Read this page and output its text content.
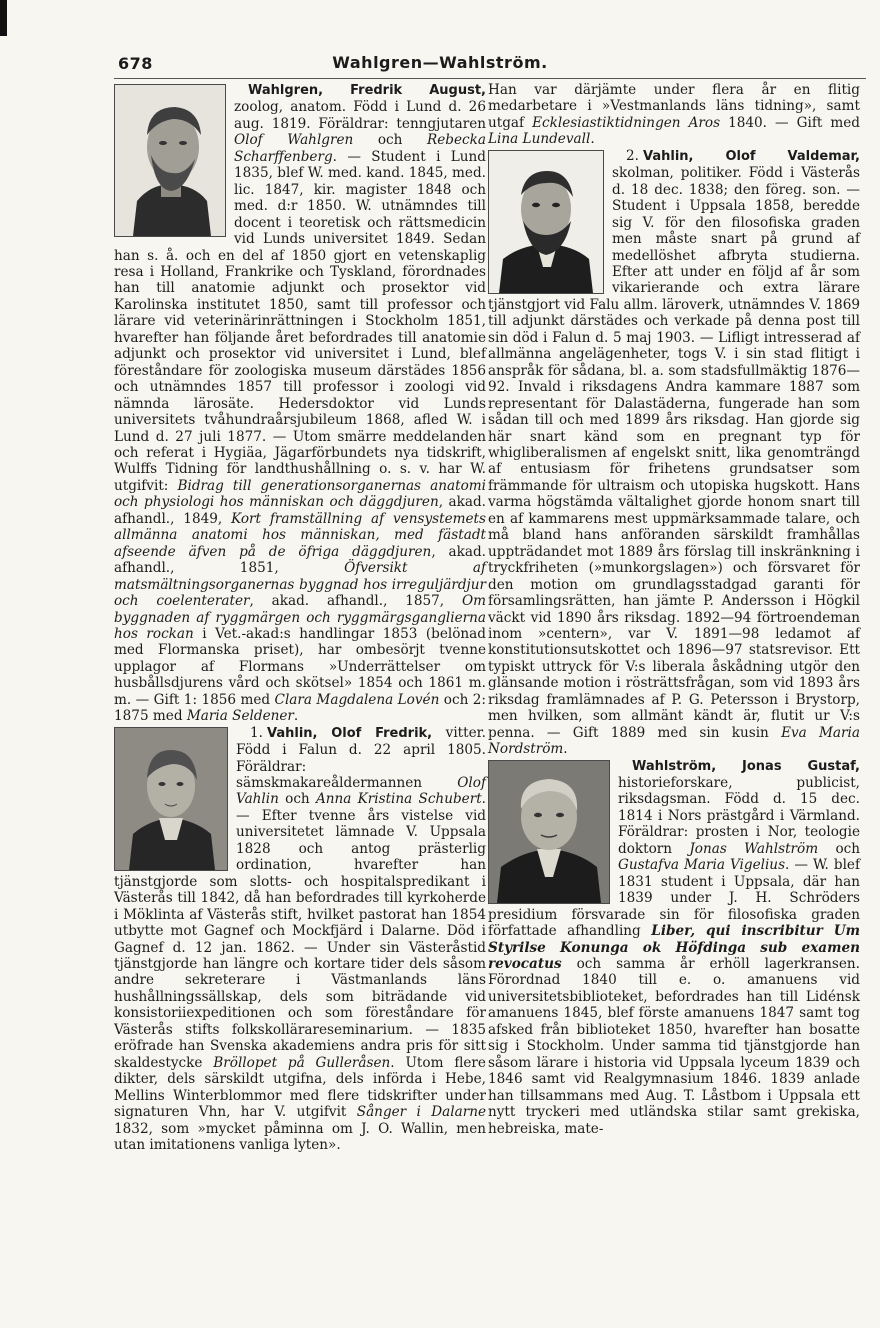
678	Wahlgren—Wahlström.

Wahlgren, Fredrik August, zoolog, anatom. Född i Lund d. 26 aug. 1819. Föräldrar: tenngjutaren Olof Wahlgren och Rebecka Scharffenberg. — Student i Lund 1835, blef W. med. kand. 1845, med. lic. 1847, kir. magister 1848 och med. d:r 1850. W. utnämndes till docent i teoretisk och rättsmedicin vid Lunds universitet 1849. Sedan han s. å. och en del af 1850 gjort en vetenskaplig resa i Holland, Frankrike och Tyskland, förordnades han till anatomie adjunkt och prosektor vid Karolinska institutet 1850, samt till professor och lärare vid veterinärinrättningen i Stockholm 1851, hvarefter han följande året befordrades till anatomie adjunkt och prosektor vid universitet i Lund, blef föreståndare för zoologiska museum därstädes 1856 och utnämndes 1857 till professor i zoologi vid nämnda lärosäte. Hedersdoktor vid Lunds universitets tvåhundraårsjubileum 1868, afled W. i Lund d. 27 juli 1877. — Utom smärre meddelanden och referat i Hygiäa, Jägarförbundets nya tidskrift, Wulffs Tidning för landthushållning o. s. v. har W. utgifvit: Bidrag till generationsorganernas anatomi och physiologi hos människan och däggdjuren, akad. afhandl., 1849, Kort framställning af vensystemets allmänna anatomi hos människan, med fästadt afseende äfven på de öfriga däggdjuren, akad. afhandl., 1851, Öfversikt af matsmältningsorganernas byggnad hos irreguljärdjur och coelenterater, akad. afhandl., 1857, Om byggnaden af ryggmärgen och ryggmärgsganglierna hos rockan i Vet.-akad:s handlingar 1853 (belönad med Flormanska priset), har ombesörjt tvenne upplagor af Flormans »Underrättelser om husbållsdjurens vård och skötsel» 1854 och 1861 m. m. — Gift 1: 1856 med Clara Magdalena Lovén och 2: 1875 med Maria Seldener.

1. Vahlin, Olof Fredrik,
vitter. Född i Falun d. 22 april 1805. Föräldrar: sämskmakareåldermannen Olof Vahlin och Anna Kristina Schubert. — Efter tvenne års vistelse vid universitetet lämnade V. Uppsala 1828 och antog prästerlig ordination, hvarefter han tjänstgjorde som slotts- och hospitalspredikant i Västerås till 1842, då han befordrades till kyrkoherde i Möklinta af Västerås stift, hvilket pastorat han 1854 utbytte mot Gagnef och Mockfjärd i Dalarne. Död i Gagnef d. 12 jan. 1862. — Under sin Västeråstid tjänstgjorde han längre och kortare tider dels såsom andre sekreterare i Västmanlands läns hushållningssällskap, dels som biträdande vid konsistoriiexpeditionen och som föreståndare för Västerås stifts folkskollärareseminarium. — 1835 eröfrade han Svenska akademiens andra pris för sitt skaldestycke Bröllopet på Gulleråsen. Utom flere dikter, dels särskildt utgifna, dels införda i Hebe, Mellins Winterblommor med flere tidskrifter under signaturen Vhn, har V. utgifvit Sånger i Dalarne 1832, som »mycket påminna om J. O. Wallin, men utan imitationens vanliga lyten».

Han var därjämte under flera år en flitig medarbetare i »Vestmanlands läns tidning», samt utgaf Ecklesiastiktidningen Aros 1840. — Gift med Lina Lundevall.

2. Vahlin, Olof Valdemar,
skolman, politiker. Född i Västerås d. 18 dec. 1838; den föreg. son. — Student i Uppsala 1858, beredde sig V. för den filosofiska graden men måste snart på grund af medellöshet afbryta studierna. Efter att under en följd af år som vikarierande och extra lärare tjänstgjort vid Falu allm. läroverk, utnämndes V. 1869 till adjunkt därstädes och verkade på denna post till sin död i Falun d. 5 maj 1903. — Lifligt intresserad af allmänna angelägenheter, togs V. i sin stad flitigt i anspråk för sådana, bl. a. som stadsfullmäktig 1876—92. Invald i riksdagens Andra kammare 1887 som representant för Dalastäderna, fungerade han som sådan till och med 1899 års riksdag. Han gjorde sig här snart känd som en pregnant typ för whigliberalismen af engelskt snitt, lika genomträngd af entusiasm för frihetens grundsatser som främmande för ultraism och utopiska hugskott. Hans varma högstämda vältalighet gjorde honom snart till en af kammarens mest uppmärksammade talare, och må bland hans anföranden särskildt framhållas uppträdandet mot 1889 års förslag till inskränkning i tryckfriheten (»munkorgslagen») och försvaret för den motion om grundlagsstadgad garanti för församlingsrätten, han jämte P. Andersson i Högkil väckt vid 1890 års riksdag. 1892—94 förtroendeman inom »centern», var V. 1891—98 ledamot af konstitutionsutskottet och 1896—97 statsrevisor. Ett typiskt uttryck för V:s liberala åskådning utgör den glänsande motion i rösträttsfrågan, som vid 1893 års riksdag framlämnades af P. G. Petersson i Brystorp, men hvilken, som allmänt kändt är, flutit ur V:s penna. — Gift 1889 med sin kusin Eva Maria Nordström.

Wahlström, Jonas Gustaf,
historieforskare, publicist, riksdagsman. Född d. 15 dec. 1814 i Nors prästgård i Värmland. Föräldrar: prosten i Nor, teologie doktorn Jonas Wahlström och Gustafva Maria Vigelius. — W. blef 1831 student i Uppsala, där han 1839 under J. H. Schröders presidium försvarade sin för filosofiska graden författade afhandling Liber, qui inscribitur Um Styrilse Konunga ok Höfdinga sub examen revocatus och samma år erhöll lagerkransen. Förordnad 1840 till e. o. amanuens vid universitetsbiblioteket, befordrades han till Lidénsk amanuens 1845, blef förste amanuens 1847 samt tog afsked från biblioteket 1850, hvarefter han bosatte sig i Stockholm. Under samma tid tjänstgjorde han såsom lärare i historia vid Uppsala lyceum 1839 och 1846 samt vid Realgymnasium 1846. 1839 anlade han tillsammans med Aug. T. Låstbom i Uppsala ett nytt tryckeri med utländska stilar samt grekiska, hebreiska, mate-
